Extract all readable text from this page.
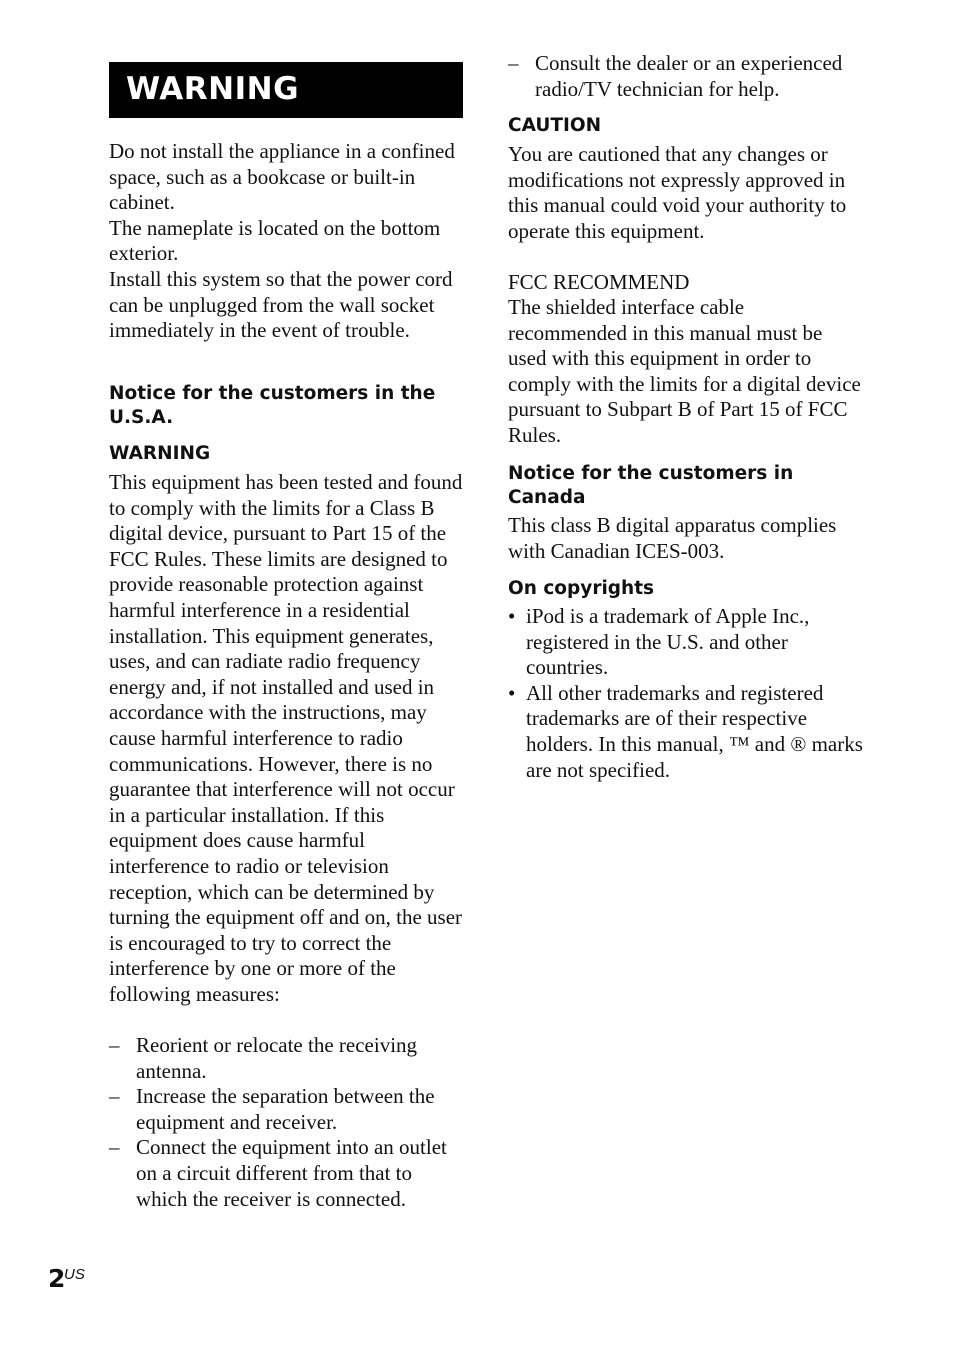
WARNING

Do not install the appliance in a confined space, such as a bookcase or built-in cabinet.

The nameplate is located on the bottom exterior.

Install this system so that the power cord can be unplugged from the wall socket immediately in the event of trouble.

Notice for the customers in the U.S.A.
WARNING

This equipment has been tested and found to comply with the limits for a Class B digital device, pursuant to Part 15 of the FCC Rules. These limits are designed to provide reasonable protection against harmful interference in a residential installation. This equipment generates, uses, and can radiate radio frequency energy and, if not installed and used in accordance with the instructions, may cause harmful interference to radio communications. However, there is no guarantee that interference will not occur in a particular installation. If this equipment does cause harmful interference to radio or television reception, which can be determined by turning the equipment off and on, the user is encouraged to try to correct the interference by one or more of the following measures:

– Reorient or relocate the receiving antenna.
– Increase the separation between the equipment and receiver.
– Connect the equipment into an outlet on a circuit different from that to which the receiver is connected.
– Consult the dealer or an experienced radio/TV technician for help.
CAUTION

You are cautioned that any changes or modifications not expressly approved in this manual could void your authority to operate this equipment.

FCC RECOMMEND

The shielded interface cable recommended in this manual must be used with this equipment in order to comply with the limits for a digital device pursuant to Subpart B of Part 15 of FCC Rules.

Notice for the customers in Canada

This class B digital apparatus complies with Canadian ICES-003.

On copyrights
• iPod is a trademark of Apple Inc., registered in the U.S. and other countries.
• All other trademarks and registered trademarks are of their respective holders. In this manual, ™ and ® marks are not specified.
2
US
